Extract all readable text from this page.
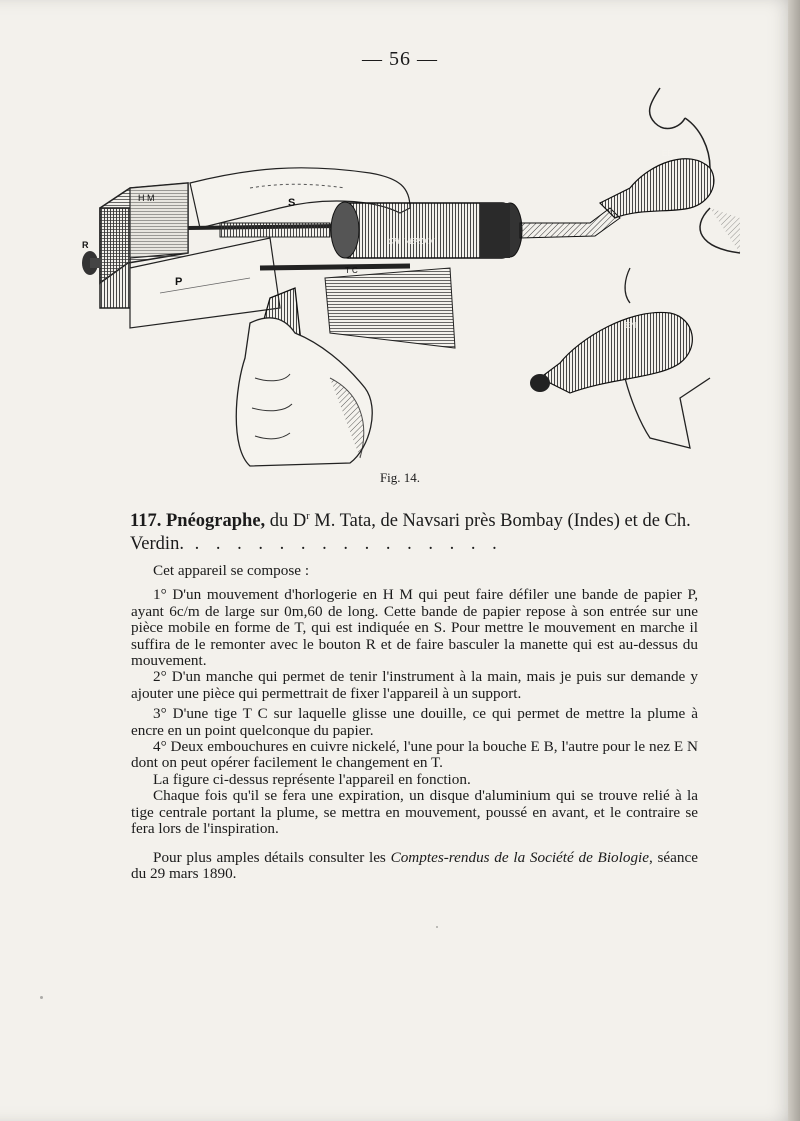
— 56 —
H M	S
R
P
M
T C
CH. VERDIN
EB
EN
Fig. 14.
117. Pnéographe, du $D^r$ M. Tata, de Navsari près Bombay (Indes) et de Ch. Verdin. . . . . . . . . . . . . . . .

Cet appareil se compose :

1° D'un mouvement d'horlogerie en H M qui peut faire défiler une bande de papier P, ayant 6c/m de large sur 0m,60 de long. Cette bande de papier repose à son entrée sur une pièce mobile en forme de T, qui est indiquée en S. Pour mettre le mouvement en marche il suffira de le remonter avec le bouton R et de faire basculer la manette qui est au-dessus du mouvement.

2° D'un manche qui permet de tenir l'instrument à la main, mais je puis sur demande y ajouter une pièce qui permettrait de fixer l'appareil à un support.

3° D'une tige T C sur laquelle glisse une douille, ce qui permet de mettre la plume à encre en un point quelconque du papier.

4° Deux embouchures en cuivre nickelé, l'une pour la bouche E B, l'autre pour le nez E N dont on peut opérer facilement le changement en T.

La figure ci-dessus représente l'appareil en fonction.

Chaque fois qu'il se fera une expiration, un disque d'aluminium qui se trouve relié à la tige centrale portant la plume, se mettra en mouvement, poussé en avant, et le contraire se fera lors de l'inspiration.

Pour plus amples détails consulter les Comptes-rendus de la Société de Biologie, séance du 29 mars 1890.
